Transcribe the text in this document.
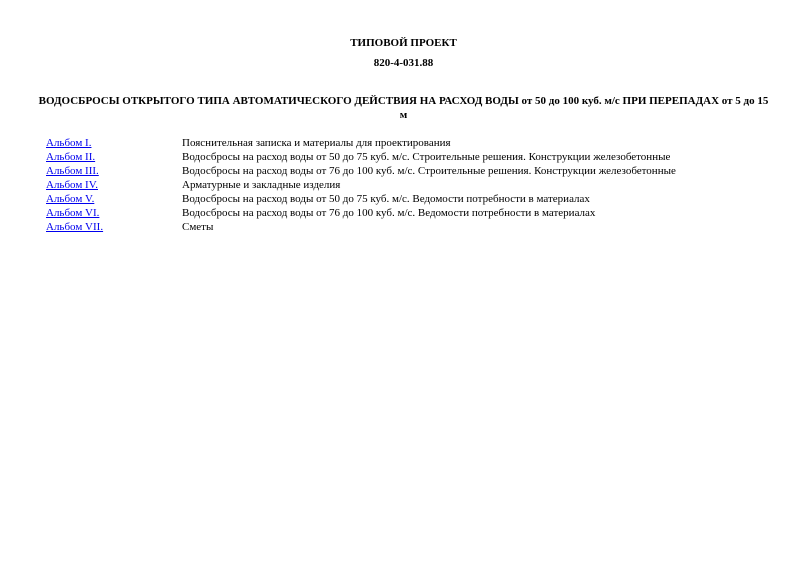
ТИПОВОЙ ПРОЕКТ
820-4-031.88
ВОДОСБРОСЫ ОТКРЫТОГО ТИПА АВТОМАТИЧЕСКОГО ДЕЙСТВИЯ НА РАСХОД ВОДЫ от 50 до 100 куб. м/с ПРИ ПЕРЕПАДАХ от 5 до 15 м
Альбом I.	Пояснительная записка и материалы для проектирования
Альбом II.	Водосбросы на расход воды от 50 до 75 куб. м/с. Строительные решения. Конструкции железобетонные
Альбом III.	Водосбросы на расход воды от 76 до 100 куб. м/с. Строительные решения. Конструкции железобетонные
Альбом IV.	Арматурные и закладные изделия
Альбом V.	Водосбросы на расход воды от 50 до 75 куб. м/с. Ведомости потребности в материалах
Альбом VI.	Водосбросы на расход воды от 76 до 100 куб. м/с. Ведомости потребности в материалах
Альбом VII.	Сметы
